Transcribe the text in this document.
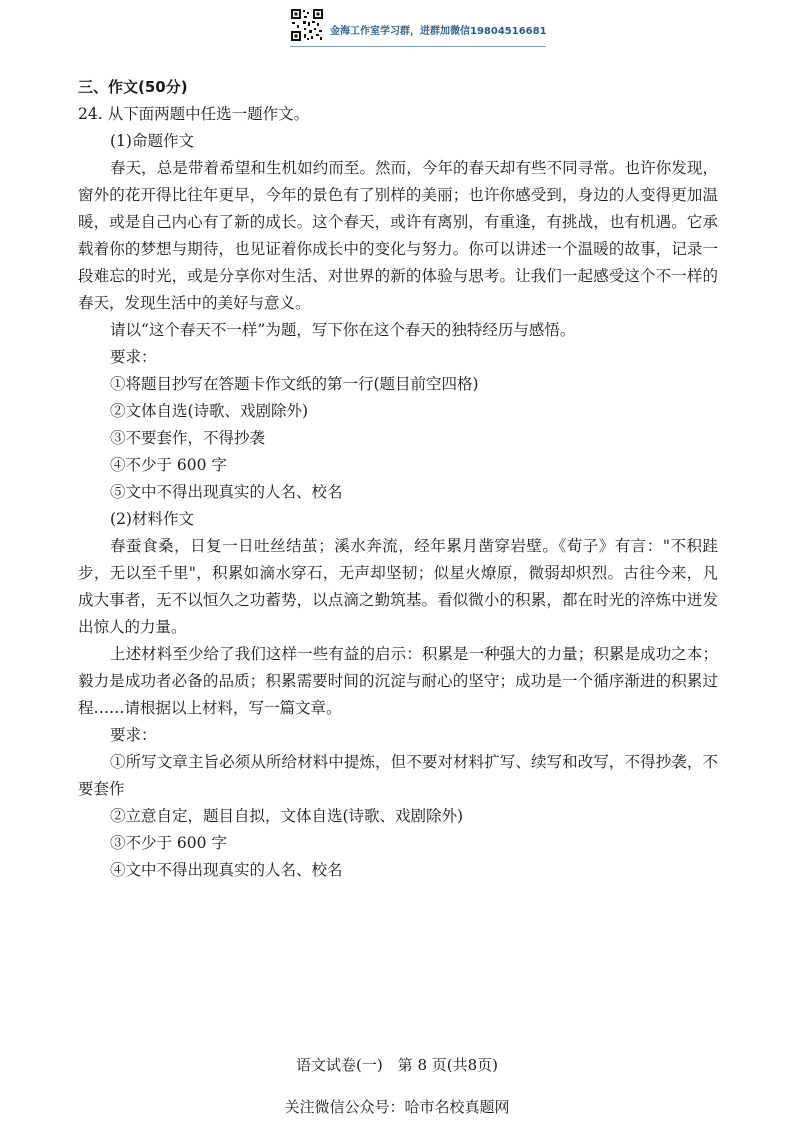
金海工作室学习群，进群加微信19804516681

三、作文(50分)

24. 从下面两题中任选一题作文。

(1)命题作文

春天，总是带着希望和生机如约而至。然而，今年的春天却有些不同寻常。也许你发现，窗外的花开得比往年更早，今年的景色有了别样的美丽；也许你感受到，身边的人变得更加温暖，或是自己内心有了新的成长。这个春天，或许有离别，有重逢，有挑战，也有机遇。它承载着你的梦想与期待，也见证着你成长中的变化与努力。你可以讲述一个温暖的故事，记录一段难忘的时光，或是分享你对生活、对世界的新的体验与思考。让我们一起感受这个不一样的春天，发现生活中的美好与意义。

请以“这个春天不一样”为题，写下你在这个春天的独特经历与感悟。

要求：

①将题目抄写在答题卡作文纸的第一行(题目前空四格)

②文体自选(诗歌、戏剧除外)

③不要套作，不得抄袭

④不少于 600 字

⑤文中不得出现真实的人名、校名

(2)材料作文

春蚕食桑，日复一日吐丝结茧；溪水奔流，经年累月凿穿岩壁。《荀子》有言："不积跬步，无以至千里"，积累如滴水穿石，无声却坚韧；似星火燎原，微弱却炽烈。古往今来，凡成大事者，无不以恒久之功蓄势，以点滴之勤筑基。看似微小的积累，都在时光的淬炼中迸发出惊人的力量。

上述材料至少给了我们这样一些有益的启示：积累是一种强大的力量；积累是成功之本；毅力是成功者必备的品质；积累需要时间的沉淀与耐心的坚守；成功是一个循序渐进的积累过程……请根据以上材料，写一篇文章。

要求：

①所写文章主旨必须从所给材料中提炼，但不要对材料扩写、续写和改写，不得抄袭，不要套作

②立意自定，题目自拟，文体自选(诗歌、戏剧除外)

③不少于 600 字

④文中不得出现真实的人名、校名

语文试卷(一)　第 8 页(共8页)
关注微信公众号：哈市名校真题网
